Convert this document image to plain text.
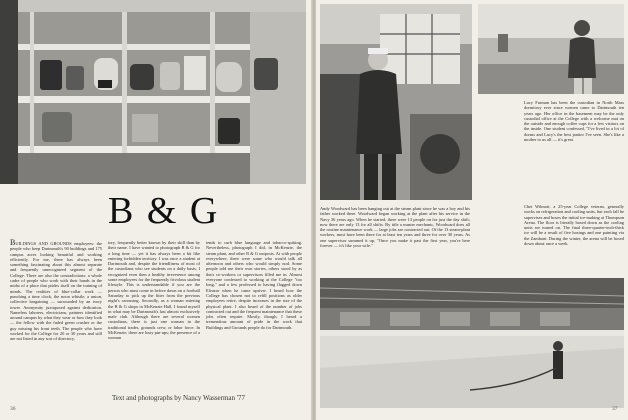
B & G

BUILDINGS AND GROUNDS employees: the people who keep Dartmouth's 90 buildings and 175 campus acres looking beautiful and working efficiently. For me, there has always been something fascinating about this almost separate and frequently unrecognized segment of the College. There are also the contradictions: a whole cadre of people who work with their hands in the midst of a place that prides itself on the training of minds. The realities of blue-collar work — punching a time clock, the noon whistle, a union, collective bargaining — surrounded by an ivory tower. Anonymity juxtaposed against dedication. Nameless laborers, electricians, painters identified around campus by what they wear or how they look — the fellow with the faded green crusher or the guy missing his front teeth. The people who have worked for the College for 20 or 30 years and still are not listed in any sort of directory,

tory, frequently better known by their skill than by their name. I have wanted to photograph B & G for a long time — yet it has always been a bit like entering forbidden territory. I was once a student at Dartmouth and, despite the friendliness of most of the custodians who see students on a daily basis, I recognized even then a healthy irreverence among some employees for the frequently frivolous student lifestyle. This is understandable if you are the person who must come in before dawn on a football Saturday to pick up the litter from the previous night's carousing. Secondly, as a woman entering the B & G shops in McKenzie Hall, I found myself in what may be Dartmouth's last almost exclusively male club. Although there are several women custodians, there is just one woman in the traditional trades, grounds crew, or labor force. In McKenzie, there are lusty pin-ups; the presence of a woman

tends to curb blue language and tobacco-spitting. Nevertheless, photograph I did, in McKenzie, the steam plant, and other B & G outposts. At with people everywhere, there were some who would talk all afternoon and others who would simply nod. Some people told me their own stories, others stood by as their co-workers or supervisors filled me in. Almost everyone confessed to working at the College "too long," and a few professed to having flagged down Eleazar when he came upriver. I heard how the College has chosen not to refill positions as older employees retire, despite increases in the size of the physical plant. I also heard of the number of jobs contracted out and the frequent maintenance that these jobs often require. Mostly, though, I heard a tremendous amount of pride in the work that Buildings and Grounds people do for Dartmouth.

Text and photographs by Nancy Wasserman '77
36

Andy Woodward has been hanging out at the steam plant since he was a boy and his father worked there. Woodward began working at the plant after his service in the Navy 36 years ago. When he started, there were 13 people on for just the day shift; now there are only 13 for all shifts. By title a master mechanic, Woodward does all the routine maintenance work — large jobs are contracted out. Of the 13 steam-plant workers, most have been there for at least ten years and three for over 30 years. As one supervisor summed it up, "Once you make it past the first year, you're here forever — it's like your wife."

Lucy Furman has been the custodian in North Mass dormitory ever since women came to Dartmouth ten years ago. Her office in the basement may be the only custodial office at the College with a welcome mat on the outside and enough coffee cups for a few visitors on the inside. One student confessed, "I've lived in a lot of dorms and Lucy's the best janitor I've seen. She's like a mother to us all — it's great.

Chet Wilmott, a 25-year College veteran, generally works on refrigeration and cooling units, but each fall he supervises and hoses the initial ice-making at Thompson Arena. The floor is literally hosed down as the cooling units are turned on. The final three-quarter-inch-thick ice will be a result of five hosings and one painting via the Zamboni. During the winter, the arena will be hosed down about once a week.

37
